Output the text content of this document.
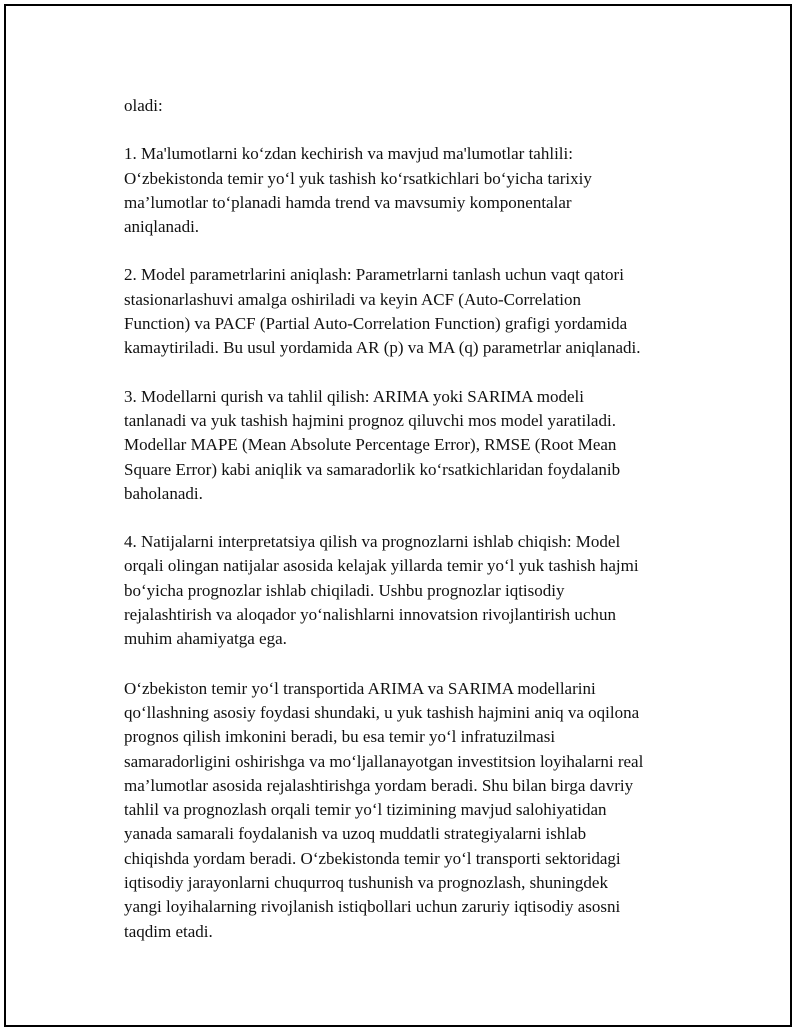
oladi:

1. Ma'lumotlarni ko‘zdan kechirish va mavjud ma'lumotlar tahlili:
O‘zbekistonda temir yo‘l yuk tashish ko‘rsatkichlari bo‘yicha tarixiy
ma’lumotlar to‘planadi hamda trend va mavsumiy komponentalar
aniqlanadi.

2. Model parametrlarini aniqlash: Parametrlarni tanlash uchun vaqt qatori
stasionarlashuvi amalga oshiriladi va keyin ACF (Auto-Correlation
Function) va PACF (Partial Auto-Correlation Function) grafigi yordamida
kamaytiriladi. Bu usul yordamida AR (p) va MA (q) parametrlar aniqlanadi.

3. Modellarni qurish va tahlil qilish: ARIMA yoki SARIMA modeli
tanlanadi va yuk tashish hajmini prognoz qiluvchi mos model yaratiladi.
Modellar MAPE (Mean Absolute Percentage Error), RMSE (Root Mean
Square Error) kabi aniqlik va samaradorlik ko‘rsatkichlaridan foydalanib
baholanadi.

4. Natijalarni interpretatsiya qilish va prognozlarni ishlab chiqish: Model
orqali olingan natijalar asosida kelajak yillarda temir yo‘l yuk tashish hajmi
bo‘yicha prognozlar ishlab chiqiladi. Ushbu prognozlar iqtisodiy
rejalashtirish va aloqador yo‘nalishlarni innovatsion rivojlantirish uchun
muhim ahamiyatga ega.

O‘zbekiston temir yo‘l transportida ARIMA va SARIMA modellarini
qo‘llashning asosiy foydasi shundaki, u yuk tashish hajmini aniq va oqilona
prognos qilish imkonini beradi, bu esa temir yo‘l infratuzilmasi
samaradorligini oshirishga va mo‘ljallanayotgan investitsion loyihalarni real
ma’lumotlar asosida rejalashtirishga yordam beradi. Shu bilan birga davriy
tahlil va prognozlash orqali temir yo‘l tizimining mavjud salohiyatidan
yanada samarali foydalanish va uzoq muddatli strategiyalarni ishlab
chiqishda yordam beradi. O‘zbekistonda temir yo‘l transporti sektoridagi
iqtisodiy jarayonlarni chuqurroq tushunish va prognozlash, shuningdek
yangi loyihalarning rivojlanish istiqbollari uchun zaruriy iqtisodiy asosni
taqdim etadi.
